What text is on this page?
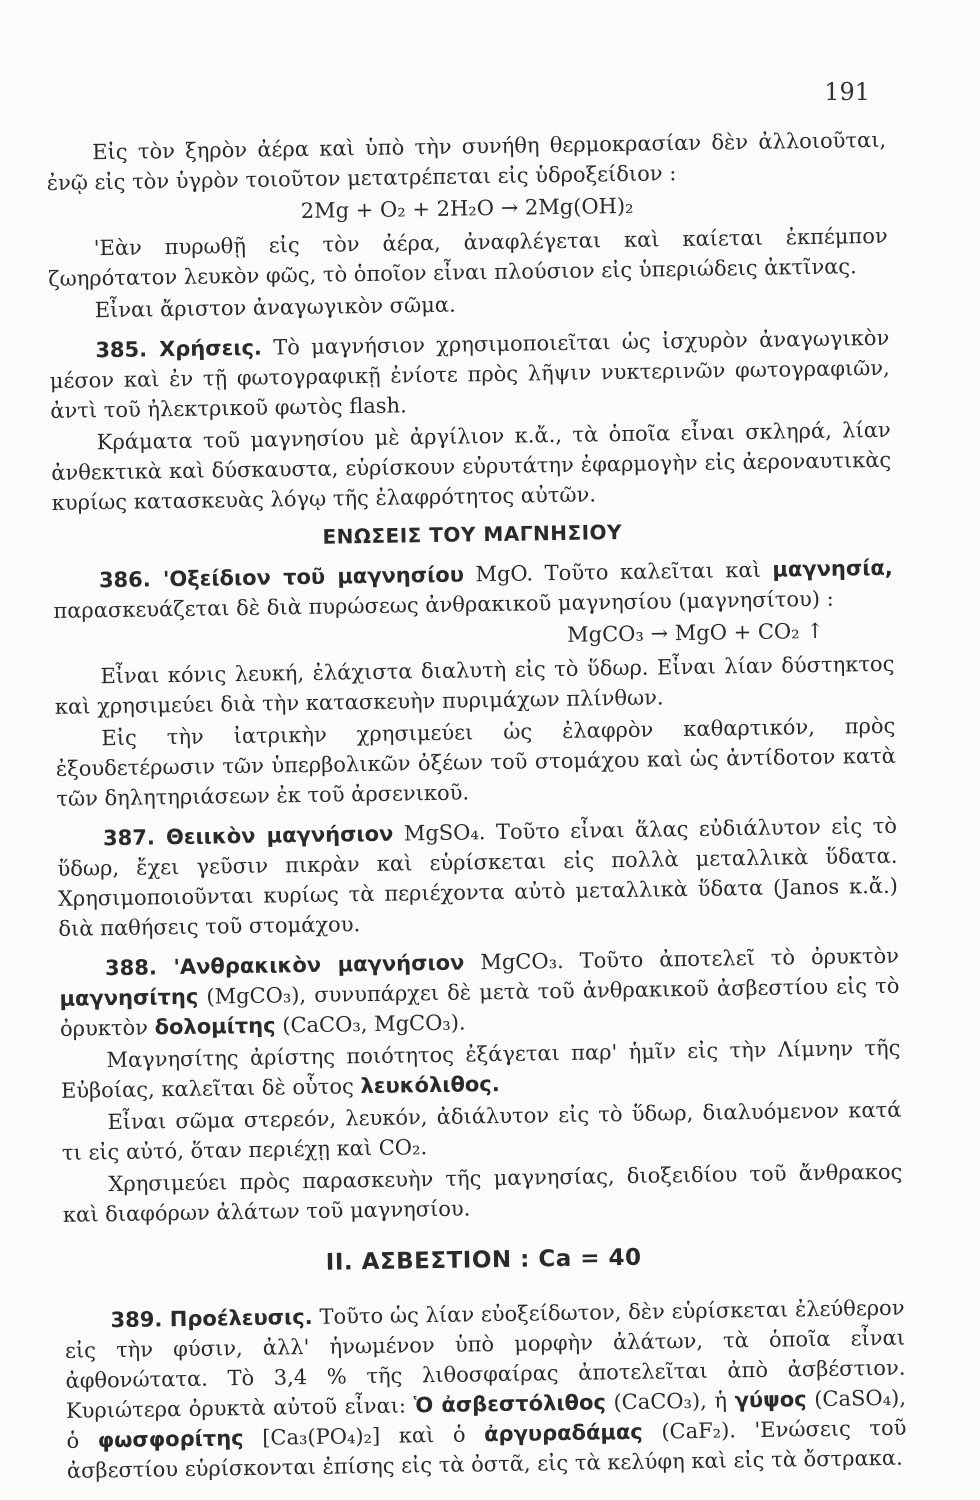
191

Εἰς τὸν ξηρὸν ἀέρα καὶ ὑπὸ τὴν συνήθη θερμοκρασίαν δὲν ἀλλοιοῦται, ἐνῷ εἰς τὸν ὑγρὸν τοιοῦτον μετατρέπεται εἰς ὑδροξείδιον :

2Mg + O₂ + 2H₂O → 2Mg(OH)₂

'Εὰν πυρωθῇ εἰς τὸν ἀέρα, ἀναφλέγεται καὶ καίεται ἐκπέμπον ζωηρότατον λευκὸν φῶς, τὸ ὁποῖον εἶναι πλούσιον εἰς ὑπεριώδεις ἀκτῖνας.

Εἶναι ἄριστον ἀναγωγικὸν σῶμα.

385. Χρήσεις. Τὸ μαγνήσιον χρησιμοποιεῖται ὡς ἰσχυρὸν ἀναγωγικὸν μέσον καὶ ἐν τῇ φωτογραφικῇ ἐνίοτε πρὸς λῆψιν νυκτερινῶν φωτογραφιῶν, ἀντὶ τοῦ ἠλεκτρικοῦ φωτὸς flash.

Κράματα τοῦ μαγνησίου μὲ ἀργίλιον κ.ἄ., τὰ ὁποῖα εἶναι σκληρά, λίαν ἀνθεκτικὰ καὶ δύσκαυστα, εὑρίσκουν εὐρυτάτην ἐφαρμογὴν εἰς ἀεροναυτικὰς κυρίως κατασκευὰς λόγῳ τῆς ἐλαφρότητος αὐτῶν.

ΕΝΩΣΕΙΣ ΤΟΥ ΜΑΓΝΗΣΙΟΥ

386. 'Οξείδιον τοῦ μαγνησίου MgO. Τοῦτο καλεῖται καὶ μαγνησία, παρασκευάζεται δὲ διὰ πυρώσεως ἀνθρακικοῦ μαγνησίου (μαγνησίτου) :

MgCO₃ → MgO + CO₂ ↑

Εἶναι κόνις λευκή, ἐλάχιστα διαλυτὴ εἰς τὸ ὕδωρ. Εἶναι λίαν δύστηκτος καὶ χρησιμεύει διὰ τὴν κατασκευὴν πυριμάχων πλίνθων.

Εἰς τὴν ἰατρικὴν χρησιμεύει ὡς ἐλαφρὸν καθαρτικόν, πρὸς ἐξουδετέρωσιν τῶν ὑπερβολικῶν ὀξέων τοῦ στομάχου καὶ ὡς ἀντίδοτον κατὰ τῶν δηλητηριάσεων ἐκ τοῦ ἀρσενικοῦ.

387. Θειικὸν μαγνήσιον MgSO₄. Τοῦτο εἶναι ἅλας εὐδιάλυτον εἰς τὸ ὕδωρ, ἔχει γεῦσιν πικρὰν καὶ εὑρίσκεται εἰς πολλὰ μεταλλικὰ ὕδατα. Χρησιμοποιοῦνται κυρίως τὰ περιέχοντα αὐτὸ μεταλλικὰ ὕδατα (Janos κ.ἄ.) διὰ παθήσεις τοῦ στομάχου.

388. 'Ανθρακικὸν μαγνήσιον MgCO₃. Τοῦτο ἀποτελεῖ τὸ ὀρυκτὸν μαγνησίτης (MgCO₃), συνυπάρχει δὲ μετὰ τοῦ ἀνθρακικοῦ ἀσβεστίου εἰς τὸ ὀρυκτὸν δολομίτης (CaCO₃, MgCO₃).

Μαγνησίτης ἀρίστης ποιότητος ἐξάγεται παρ' ἡμῖν εἰς τὴν Λίμνην τῆς Εὐβοίας, καλεῖται δὲ οὗτος λευκόλιθος.

Εἶναι σῶμα στερεόν, λευκόν, ἀδιάλυτον εἰς τὸ ὕδωρ, διαλυόμενον κατά τι εἰς αὐτό, ὅταν περιέχῃ καὶ CO₂.

Χρησιμεύει πρὸς παρασκευὴν τῆς μαγνησίας, διοξειδίου τοῦ ἄνθρακος καὶ διαφόρων ἀλάτων τοῦ μαγνησίου.

ΙΙ. ΑΣΒΕΣΤΙΟΝ : Ca = 40

389. Προέλευσις. Τοῦτο ὡς λίαν εὐοξείδωτον, δὲν εὑρίσκεται ἐλεύθερον εἰς τὴν φύσιν, ἀλλ' ἡνωμένον ὑπὸ μορφὴν ἀλάτων, τὰ ὁποῖα εἶναι ἀφθονώτατα. Τὸ 3,4 % τῆς λιθοσφαίρας ἀποτελεῖται ἀπὸ ἀσβέστιον. Κυριώτερα ὀρυκτὰ αὐτοῦ εἶναι: Ὁ ἀσβεστόλιθος (CaCO₃), ἡ γύψος (CaSO₄), ὁ φωσφορίτης [Ca₃(PO₄)₂] καὶ ὁ ἀργυραδάμας (CaF₂). 'Ενώσεις τοῦ ἀσβεστίου εὑρίσκονται ἐπίσης εἰς τὰ ὀστᾶ, εἰς τὰ κελύφη καὶ εἰς τὰ ὄστρακα.
